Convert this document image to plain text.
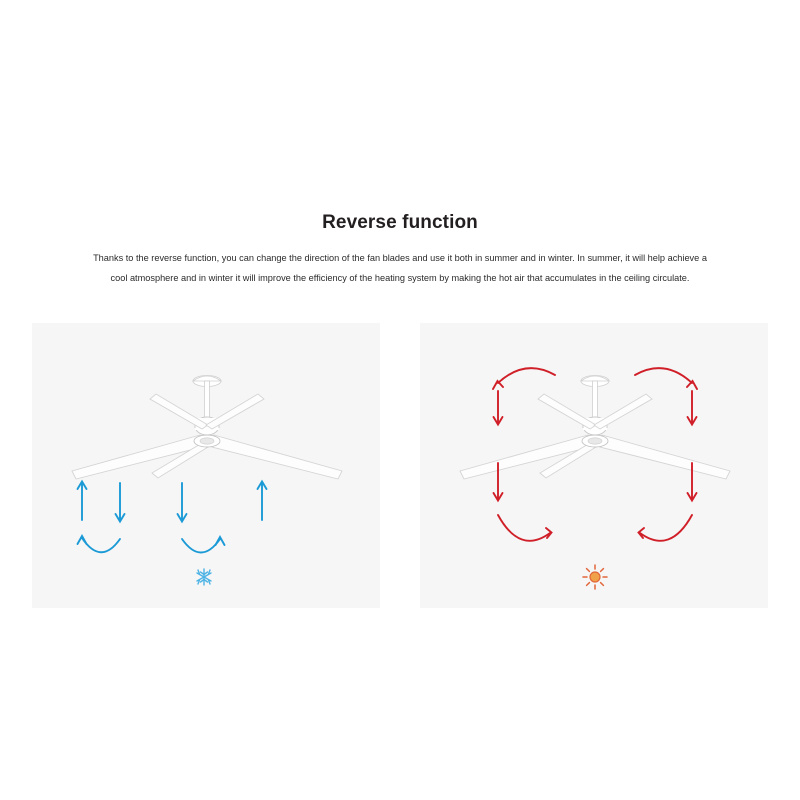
Reverse function

Thanks to the reverse function, you can change the direction of the fan blades and use it both in summer and in winter. In summer, it will help achieve a cool atmosphere and in winter it will improve the efficiency of the heating system by making the hot air that accumulates in the ceiling circulate.
